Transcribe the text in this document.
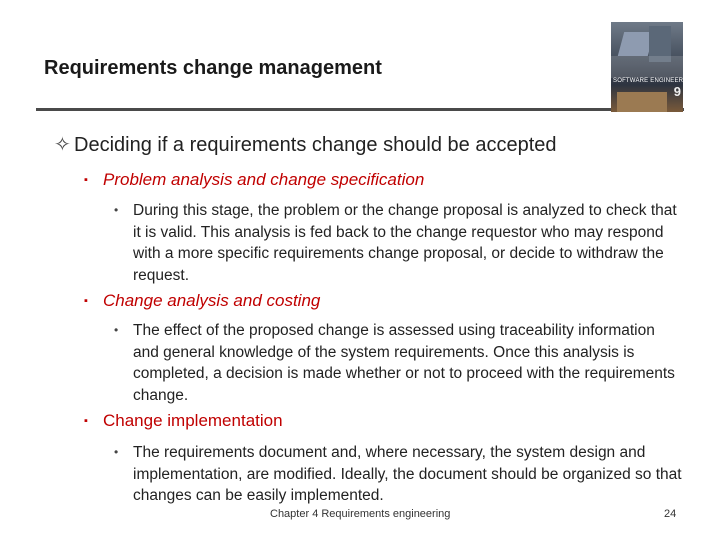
Requirements change management
SOFTWARE ENGINEERING
9
✧ Deciding if a requirements change should be accepted
▪ Problem analysis and change specification
• During this stage, the problem or the change proposal is analyzed to check that it is valid. This analysis is fed back to the change requestor who may respond with a more specific requirements change proposal, or decide to withdraw the request.
▪ Change analysis and costing
• The effect of the proposed change is assessed using traceability information and general knowledge of the system requirements. Once this analysis is completed, a decision is made whether or not to proceed with the requirements change.
▪ Change implementation
• The requirements document and, where necessary, the system design and implementation, are modified. Ideally, the document should be organized so that changes can be easily implemented.
Chapter 4 Requirements engineering	24
